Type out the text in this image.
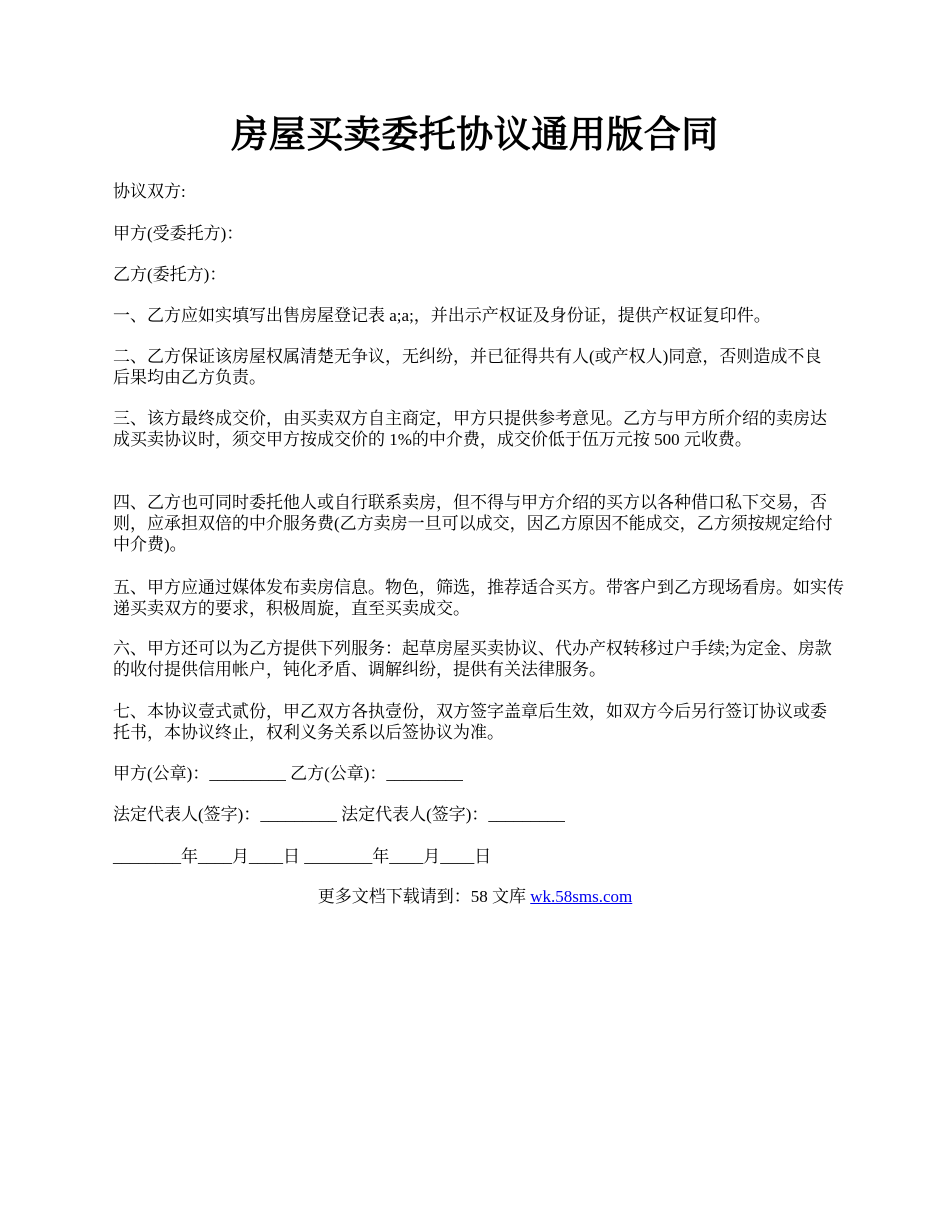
房屋买卖委托协议通用版合同

协议双方:

甲方(受委托方)：

乙方(委托方)：

一、乙方应如实填写出售房屋登记表 a;a;，并出示产权证及身份证，提供产权证复印件。

二、乙方保证该房屋权属清楚无争议，无纠纷，并已征得共有人(或产权人)同意，否则造成不良后果均由乙方负责。

三、该方最终成交价，由买卖双方自主商定，甲方只提供参考意见。乙方与甲方所介绍的卖房达成买卖协议时，须交甲方按成交价的 1%的中介费，成交价低于伍万元按 500 元收费。

四、乙方也可同时委托他人或自行联系卖房，但不得与甲方介绍的买方以各种借口私下交易，否则，应承担双倍的中介服务费(乙方卖房一旦可以成交，因乙方原因不能成交，乙方须按规定给付中介费)。

五、甲方应通过媒体发布卖房信息。物色，筛选，推荐适合买方。带客户到乙方现场看房。如实传递买卖双方的要求，积极周旋，直至买卖成交。

六、甲方还可以为乙方提供下列服务：起草房屋买卖协议、代办产权转移过户手续;为定金、房款的收付提供信用帐户，钝化矛盾、调解纠纷，提供有关法律服务。

七、本协议壹式贰份，甲乙双方各执壹份，双方签字盖章后生效，如双方今后另行签订协议或委托书，本协议终止，权利义务关系以后签协议为准。

甲方(公章)：_________ 乙方(公章)：_________

法定代表人(签字)：_________ 法定代表人(签字)：_________

________年____月____日 ________年____月____日

更多文档下载请到：58 文库 wk.58sms.com
